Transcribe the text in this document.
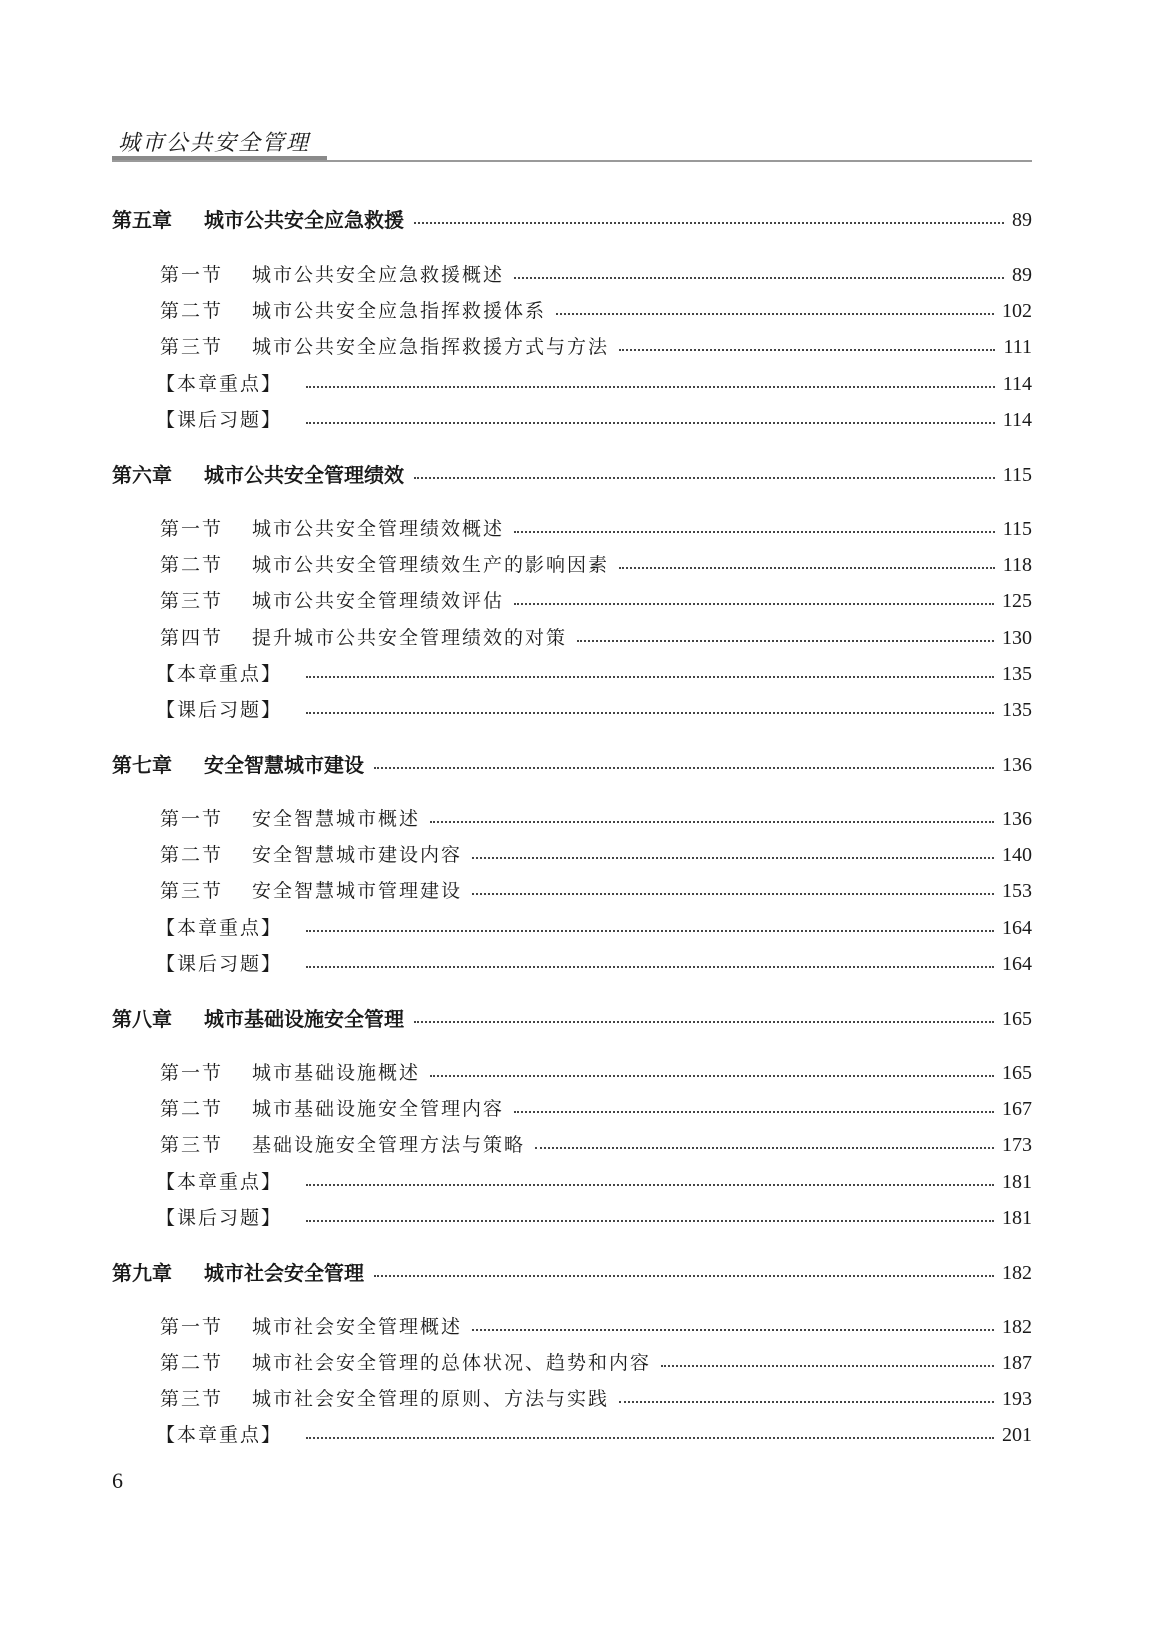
城市公共安全管理
第五章 城市公共安全应急救援	89
第一节 城市公共安全应急救援概述	89
第二节 城市公共安全应急指挥救援体系	102
第三节 城市公共安全应急指挥救援方式与方法	111
【本章重点】	114
【课后习题】	114
第六章 城市公共安全管理绩效	115
第一节 城市公共安全管理绩效概述	115
第二节 城市公共安全管理绩效生产的影响因素	118
第三节 城市公共安全管理绩效评估	125
第四节 提升城市公共安全管理绩效的对策	130
【本章重点】	135
【课后习题】	135
第七章 安全智慧城市建设	136
第一节 安全智慧城市概述	136
第二节 安全智慧城市建设内容	140
第三节 安全智慧城市管理建设	153
【本章重点】	164
【课后习题】	164
第八章 城市基础设施安全管理	165
第一节 城市基础设施概述	165
第二节 城市基础设施安全管理内容	167
第三节 基础设施安全管理方法与策略	173
【本章重点】	181
【课后习题】	181
第九章 城市社会安全管理	182
第一节 城市社会安全管理概述	182
第二节 城市社会安全管理的总体状况、趋势和内容	187
第三节 城市社会安全管理的原则、方法与实践	193
【本章重点】	201
6
